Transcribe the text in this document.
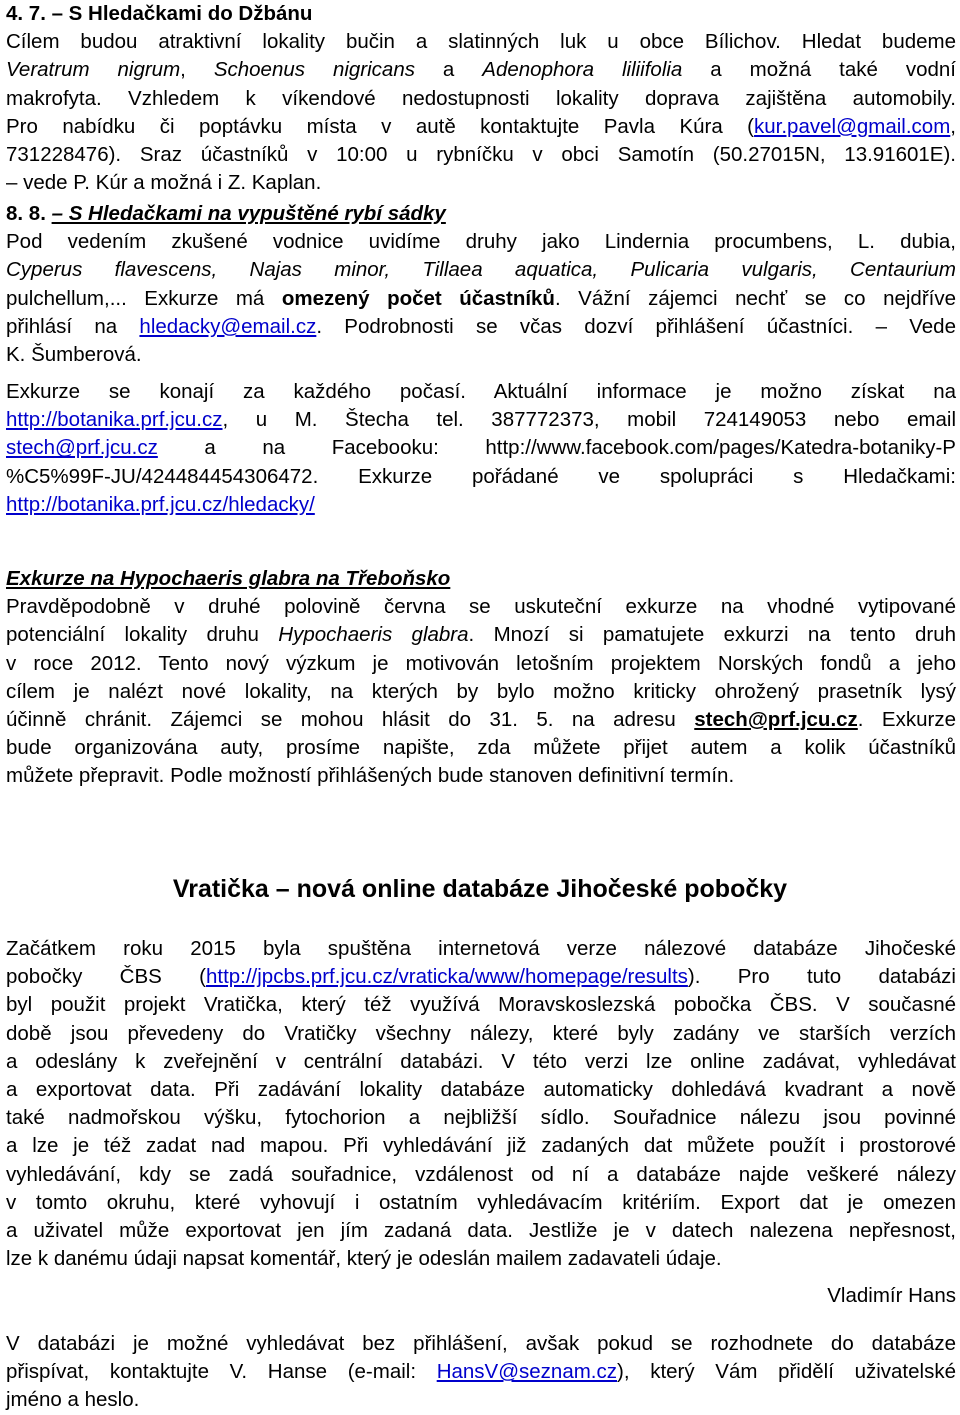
4. 7. – S Hledačkami do Džbánu
Cílem budou atraktivní lokality bučin a slatinných luk u obce Bílichov. Hledat budeme
Veratrum nigrum, Schoenus nigricans a Adenophora liliifolia a možná také vodní
makrofyta. Vzhledem k víkendové nedostupnosti lokality doprava zajištěna automobily.
Pro nabídku či poptávku místa v autě kontaktujte Pavla Kúra (kur.pavel@gmail.com,
731228476). Sraz účastníků v 10:00 u rybníčku v obci Samotín (50.27015N, 13.91601E).
– vede P. Kúr a možná i Z. Kaplan.
8. 8. – S Hledačkami na vypuštěné rybí sádky
Pod vedením zkušené vodnice uvidíme druhy jako Lindernia procumbens, L. dubia,
Cyperus flavescens, Najas minor, Tillaea aquatica, Pulicaria vulgaris, Centaurium
pulchellum,... Exkurze má omezený počet účastníků. Vážní zájemci nechť se co nejdříve
přihlásí na hledacky@email.cz. Podrobnosti se včas dozví přihlášení účastníci. – Vede
K. Šumberová.
Exkurze se konají za každého počasí. Aktuální informace je možno získat na
http://botanika.prf.jcu.cz, u M. Štecha tel. 387772373, mobil 724149053 nebo email
stech@prf.jcu.cz a na Facebooku: http://www.facebook.com/pages/Katedra-botaniky-P
%C5%99F-JU/424484454306472. Exkurze pořádané ve spolupráci s Hledačkami:
http://botanika.prf.jcu.cz/hledacky/
Exkurze na Hypochaeris glabra na Třeboňsko
Pravděpodobně v druhé polovině června se uskuteční exkurze na vhodné vytipované
potenciální lokality druhu Hypochaeris glabra. Mnozí si pamatujete exkurzi na tento druh
v roce 2012. Tento nový výzkum je motivován letošním projektem Norských fondů a jeho
cílem je nalézt nové lokality, na kterých by bylo možno kriticky ohrožený prasetník lysý
účinně chránit. Zájemci se mohou hlásit do 31. 5. na adresu stech@prf.jcu.cz. Exkurze
bude organizována auty, prosíme napište, zda můžete přijet autem a kolik účastníků
můžete přepravit. Podle možností přihlášených bude stanoven definitivní termín.
Vratička – nová online databáze Jihočeské pobočky
Začátkem roku 2015 byla spuštěna internetová verze nálezové databáze Jihočeské
pobočky ČBS (http://jpcbs.prf.jcu.cz/vraticka/www/homepage/results). Pro tuto databázi
byl použit projekt Vratička, který též využívá Moravskoslezská pobočka ČBS. V současné
době jsou převedeny do Vratičky všechny nálezy, které byly zadány ve starších verzích
a odeslány k zveřejnění v centrální databázi. V této verzi lze online zadávat, vyhledávat
a exportovat data. Při zadávání lokality databáze automaticky dohledává kvadrant a nově
také nadmořskou výšku, fytochorion a nejbližší sídlo. Souřadnice nálezu jsou povinné
a lze je též zadat nad mapou. Při vyhledávání již zadaných dat můžete použít i prostorové
vyhledávání, kdy se zadá souřadnice, vzdálenost od ní a databáze najde veškeré nálezy
v tomto okruhu, které vyhovují i ostatním vyhledávacím kritériím. Export dat je omezen
a uživatel může exportovat jen jím zadaná data. Jestliže je v datech nalezena nepřesnost,
lze k danému údaji napsat komentář, který je odeslán mailem zadavateli údaje.
Vladimír Hans
V databázi je možné vyhledávat bez přihlášení, avšak pokud se rozhodnete do databáze
přispívat, kontaktujte V. Hanse (e-mail: HansV@seznam.cz), který Vám přidělí uživatelské
jméno a heslo.
